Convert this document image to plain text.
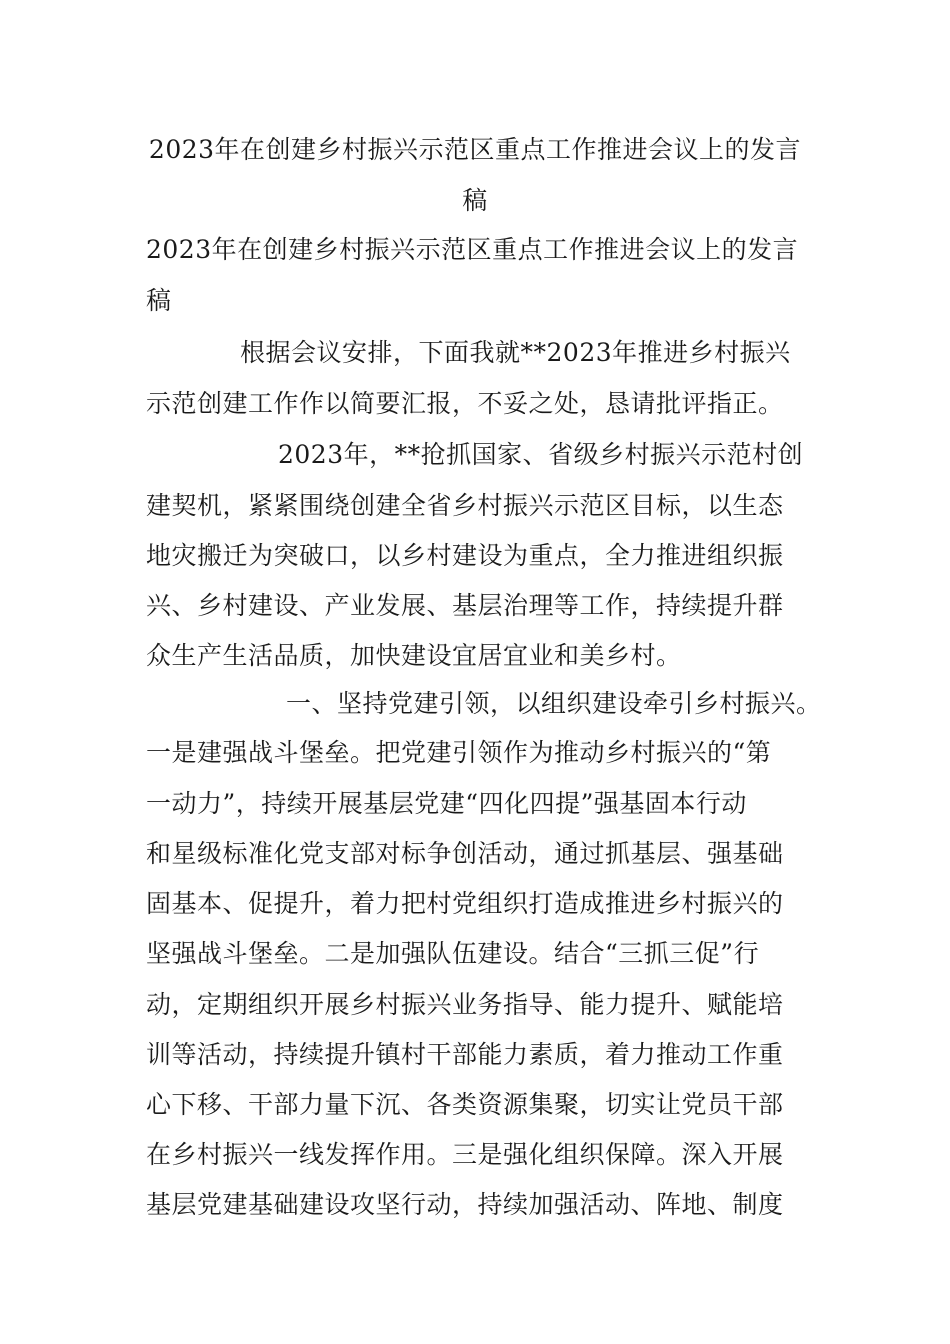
2023年在创建乡村振兴示范区重点工作推进会议上的发言
稿
2023年在创建乡村振兴示范区重点工作推进会议上的发言
稿
根据会议安排，下面我就**2023年推进乡村振兴
示范创建工作作以简要汇报，不妥之处，恳请批评指正。
2023年，**抢抓国家、省级乡村振兴示范村创
建契机，紧紧围绕创建全省乡村振兴示范区目标，以生态
地灾搬迁为突破口，以乡村建设为重点，全力推进组织振
兴、乡村建设、产业发展、基层治理等工作，持续提升群
众生产生活品质，加快建设宜居宜业和美乡村。
一、坚持党建引领，以组织建设牵引乡村振兴。
一是建强战斗堡垒。把党建引领作为推动乡村振兴的“第
一动力”，持续开展基层党建“四化四提”强基固本行动
和星级标准化党支部对标争创活动，通过抓基层、强基础
固基本、促提升，着力把村党组织打造成推进乡村振兴的
坚强战斗堡垒。二是加强队伍建设。结合“三抓三促”行
动，定期组织开展乡村振兴业务指导、能力提升、赋能培
训等活动，持续提升镇村干部能力素质，着力推动工作重
心下移、干部力量下沉、各类资源集聚，切实让党员干部
在乡村振兴一线发挥作用。三是强化组织保障。深入开展
基层党建基础建设攻坚行动，持续加强活动、阵地、制度
